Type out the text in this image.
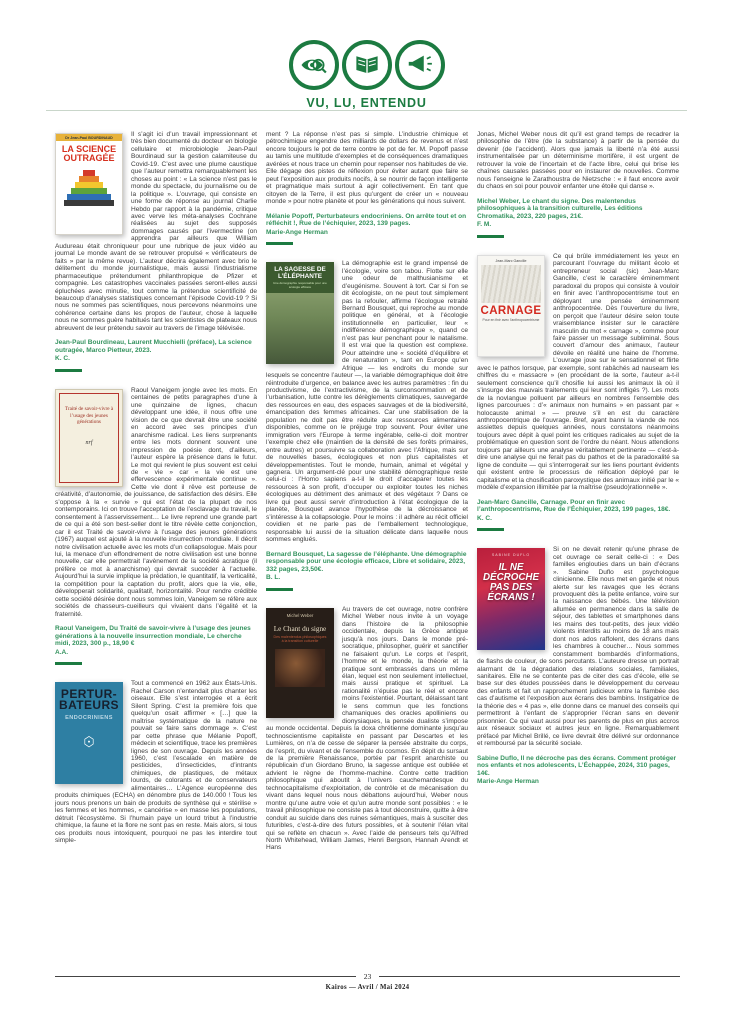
VU, LU, ENTENDU
Dr Jean-Paul BOURDINAUD
LA SCIENCE OUTRAGÉE

Il s’agit ici d’un travail impressionnant et très bien documenté du docteur en biologie cellulaire et microbiologie Jean-Paul Bourdinaud sur la gestion calamiteuse du Covid-19. C’est avec une plume caustique que l’auteur remettra remarquablement les choses au point : « La science n’est pas le monde du spectacle, du journalisme ou de la politique ». L’ouvrage, qui consiste en une forme de réponse au journal Charlie Hebdo par rapport à la pandémie, critique avec verve les méta-analyses Cochrane réalisées au sujet des supposés dommages causés par l’ivermectine (on apprendra par ailleurs que William Audureau était chroniqueur pour une rubrique de jeux vidéo au journal Le monde avant de se retrouver propulsé « vérificateurs de faits » par la même revue). L’auteur décrira également avec brio le délitement du monde journalistique, mais aussi l’industrialisme pharmaceutique prétendument philanthropique de Pfizer et compagnie. Les catastrophes vaccinales passées seront-elles aussi épluchées avec minutie, tout comme la prétendue scientificité de beaucoup d’analyses statistiques concernant l’épisode Covid-19 ? Si nous ne sommes pas scientifiques, nous percevons néanmoins une cohérence certaine dans les propos de l’auteur, chose à laquelle nous ne sommes guère habitués tant les scientistes de plateaux nous abreuvent de leur prétendu savoir au travers de l’image télévisée.

Jean-Paul Bourdineau, Laurent Mucchielli (préface), La science outragée, Marco Pietteur, 2023.

K. C.

Traité de savoir-vivre à l’usage des jeunes générations
nrf

Raoul Vaneigem jongle avec les mots. En centaines de petits paragraphes d’une à une quinzaine de lignes, chacun développant une idée, il nous offre une vision de ce que devrait être une société en accord avec ses principes d’un anarchisme radical. Les liens surprenants entre les mots donnent souvent une impression de poésie dont, d’ailleurs, l’auteur espère la présence dans le futur. Le mot qui revient le plus souvent est celui de « vie » car « la vie est une effervescence expérimentale continue ». Cette vie dont il rêve est porteuse de créativité, d’autonomie, de jouissance, de satisfaction des désirs. Elle s’oppose à la « survie » qui est l’état de la plupart de nos contemporains. Ici on trouve l’acceptation de l’esclavage du travail, le consentement à l’asservissement… Le livre reprend une grande part de ce qui a été son best-seller dont le titre révèle cette conjonction, car il est Traité de savoir-vivre à l’usage des jeunes générations (1967) auquel est ajouté à la nouvelle insurrection mondiale. Il décrit notre civilisation actuelle avec les mots d’un collapsologue. Mais pour lui, la menace d’un effondrement de notre civilisation est une bonne nouvelle, car elle permettrait l’avènement de la société acratique (il préfère ce mot à anarchisme) qui devrait succéder à l’actuelle. Aujourd’hui la survie implique la prédation, le quantitatif, la verticalité, la compétition pour la captation du profit, alors que la vie, elle, développerait solidarité, qualitatif, horizontalité. Pour rendre crédible cette société désirée dont nous sommes loin, Vaneigem se réfère aux sociétés de chasseurs-cueilleurs qui vivaient dans l’égalité et la fraternité.

Raoul Vaneigem, Du Traité de savoir-vivre à l’usage des jeunes générations à la nouvelle insurrection mondiale, Le cherche midi, 2023, 300 p., 18,90 €

A.A.

PERTUR-
BATEURS
ENDOCRINIENS

Tout a commencé en 1962 aux États-Unis. Rachel Carson n’entendait plus chanter les oiseaux. Elle s’est interrogée et a écrit Silent Spring. C’est la première fois que quelqu’un osait affirmer « […] que la maîtrise systématique de la nature ne pouvait se faire sans dommage ». C’est par cette phrase que Mélanie Popoff, médecin et scientifique, trace les premières lignes de son ouvrage. Depuis les années 1960, c’est l’escalade en matière de pesticides, d’insecticides, d’intrants chimiques, de plastiques, de métaux lourds, de colorants et de conservateurs alimentaires… L’Agence européenne des produits chimiques (ECHA) en dénombre plus de 140.000 ! Tous les jours nous prenons un bain de produits de synthèse qui « stérilise » les femmes et les hommes, « cancérise » en masse les populations, détruit l’écosystème. Si l’humain paye un lourd tribut à l’industrie chimique, la faune et la flore ne sont pas en reste. Mais alors, si tous ces produits nous intoxiquent, pourquoi ne pas les interdire tout simple-

ment ? La réponse n’est pas si simple. L’industrie chimique et pétrochimique engendre des milliards de dollars de revenus et n’est encore toujours le pot de terre contre le pot de fer. M. Popoff passe au tamis une multitude d’exemples et de conséquences dramatiques avérées et nous trace un chemin pour repenser nos habitudes de vie. Elle dégage des pistes de réflexion pour éviter autant que faire se peut l’exposition aux produits nocifs, à se nourrir de façon intelligente et pragmatique mais surtout à agir collectivement. En tant que citoyen de la Terre, il est plus qu’urgent de créer un « nouveau monde » pour notre planète et pour les générations qui nous suivent.

Mélanie Popoff, Perturbateurs endocriniens. On arrête tout et on réfléchit !, Rue de l’échiquier, 2023, 139 pages.

Marie-Ange Herman

LA SAGESSE DE L’ÉLÉPHANTE
Une démographie responsable pour une écologie efficace

La démographie est le grand impensé de l’écologie, voire son tabou. Flotte sur elle une odeur de malthusianisme et d’eugénisme. Souvent à tort. Car si l’on se dit écologiste, on ne peut tout simplement pas la refouler, affirme l’écologue retraité Bernard Bousquet, qui reproche au monde politique en général, et à l’écologie institutionnelle en particulier, leur « indifférence démographique », quand ce n’est pas leur penchant pour le natalisme. Il est vrai que la question est complexe. Pour atteindre une « société d’équilibre et de renaturation », tant en Europe qu’en Afrique — les endroits du monde sur lesquels se concentre l’auteur —, la variable démographique doit être réintroduite d’urgence, en balance avec les autres paramètres : fin du productivisme, de l’extractivisme, de la surconsommation et de l’urbanisation, lutte contre les dérèglements climatiques, sauvegarde des ressources en eau, des espaces sauvages et de la biodiversité, émancipation des femmes africaines. Car une stabilisation de la population ne doit pas être réduite aux ressources alimentaires disponibles, comme on le préjuge trop souvent. Pour éviter une immigration vers l’Europe à terme ingérable, celle-ci doit montrer l’exemple chez elle (maintien de la densité de ses forêts primaires, entre autres) et poursuivre sa collaboration avec l’Afrique, mais sur de nouvelles bases, écologiques et non plus capitalistes et développementistes. Tout le monde, humain, animal et végétal y gagnera. Un argument-clé pour une stabilité démographique reste celui-ci : l’Homo sapiens a-t-il le droit d’accaparer toutes les ressources à son profit, d’occuper ou exploiter toutes les niches écologiques au détriment des animaux et des végétaux ? Dans ce livre qui peut aussi servir d’introduction à l’état écologique de la planète, Bousquet avance l’hypothèse de la décroissance et s’intéresse à la collapsologie. Pour le moins : il adhère au récit officiel covidien et ne parle pas de l’emballement technologique, responsable lui aussi de la situation délicate dans laquelle nous sommes englués.

Bernard Bousquet, La sagesse de l’éléphante. Une démographie responsable pour une écologie efficace, Libre et solidaire, 2023, 332 pages, 23,50€.

B. L.

Michel Weber
Le Chant du signe
Des malentendus philosophiques à la transition culturelle

Au travers de cet ouvrage, notre confrère Michel Weber nous invite à un voyage dans l’histoire de la philosophie occidentale, depuis la Grèce antique jusqu’à nos jours. Dans le monde pré-socratique, philosopher, guérir et sanctifier ne faisaient qu’un. Le corps et l’esprit, l’homme et le monde, la théorie et la pratique sont embrassés dans un même élan, lequel est non seulement intellectuel, mais aussi pratique et spirituel. La rationalité n’épuise pas le réel et encore moins l’existentiel. Pourtant, délaissant tant le sens commun que les fonctions chamaniques des oracles apolliniens ou dionysiaques, la pensée dualiste s’impose au monde occidental. Depuis la doxa chrétienne dominante jusqu’au technoscientisme capitaliste en passant par Descartes et les Lumières, on n’a de cesse de séparer la pensée abstraite du corps, de l’esprit, du vivant et de l’ensemble du cosmos. En dépit du sursaut de la première Renaissance, portée par l’esprit anarchiste ou républicain d’un Giordano Bruno, la sagesse antique est oubliée et advient le règne de l’homme-machine. Contre cette tradition philosophique qui aboutit à l’univers cauchemardesque du technocapitalisme d’exploitation, de contrôle et de mécanisation du vivant dans lequel nous nous débattons aujourd’hui, Weber nous montre qu’une autre voie et qu’un autre monde sont possibles : « le travail philosophique ne consiste pas à tout déconstruire, quitte à être conduit au suicide dans des ruines sémantiques, mais à susciter des futuribles, c’est-à-dire des futurs possibles, et à soutenir l’élan vital qui se reflète en chacun ». Avec l’aide de penseurs tels qu’Alfred North Whitehead, William James, Henri Bergson, Hannah Arendt et Hans

Jonas, Michel Weber nous dit qu’il est grand temps de recadrer la philosophie de l’être (de la substance) à partir de la pensée du devenir (de l’accident). Alors que jamais la liberté n’a été aussi instrumentalisée par un déterminisme mortifère, il est urgent de retrouver la voie de l’incertain et de l’acte libre, celui qui brise les chaînes causales passées pour en instaurer de nouvelles. Comme nous l’enseigne le Zarathoustra de Nietzsche : « il faut encore avoir du chaos en soi pour pouvoir enfanter une étoile qui danse ».

Michel Weber, Le chant du signe. Des malentendus philosophiques à la transition culturelle, Les éditions Chromatika, 2023, 220 pages, 21€.

F. M.

Jean-Marc Gancille
CARNAGE
Pour en finir avec l’anthropocentrisme

Ce qui brûle immédiatement les yeux en parcourant l’ouvrage du militant écolo et entrepreneur social (sic) Jean-Marc Gancille, c’est le caractère éminemment paradoxal du propos qui consiste à vouloir en finir avec l’anthropocentrisme tout en déployant une pensée éminemment anthropocentrée. Dès l’ouverture du livre, on perçoit que l’auteur désire selon toute vraisemblance insister sur le caractère masculin du mot « carnage », comme pour faire passer un message subliminal. Sous couvert d’amour des animaux, l’auteur dévoile en réalité une haine de l’homme. L’ouvrage joue sur le sensationnel et flirte avec le pathos lorsque, par exemple, sont rabâchés ad nauseam les chiffres du « massacre » (en procédant de la sorte, l’auteur a-t-il seulement conscience qu’il chosifie lui aussi les animaux là où il s’insurge des mauvais traitements qui leur sont infligés ?). Les mots de la novlangue polluent par ailleurs en nombres l’ensemble des lignes parcourues : d’« animaux non humains » en passant par « holocauste animal » — preuve s’il en est du caractère anthropocentrique de l’ouvrage. Bref, ayant banni la viande de nos assiettes depuis quelques années, nous constatons néanmoins toujours avec dépit à quel point les critiques radicales au sujet de la problématique en question sont de l’ordre du néant. Nous attendions toujours par ailleurs une analyse véritablement pertinente — c’est-à-dire une analyse qui ne ferait pas du pathos et de la paradoxalité sa ligne de conduite — qui s’interrogerait sur les liens pourtant évidents qui existent entre le processus de réification déployé par le capitalisme et la chosification paroxystique des animaux initié par le « modèle d’expansion illimitée par la maîtrise (pseudo)rationnelle ».

Jean-Marc Gancille, Carnage. Pour en finir avec l’anthropocentrisme, Rue de l’Échiquier, 2023, 199 pages, 18€.

K. C.

SABINE DUFLO
IL NE DÉCROCHE PAS DES ÉCRANS !

Si on ne devait retenir qu’une phrase de cet ouvrage ce serait celle-ci : « Des familles englouties dans un bain d’écrans ». Sabine Duflo est psychologue clinicienne. Elle nous met en garde et nous alerte sur les ravages que les écrans provoquent dès la petite enfance, voire sur la naissance des bébés. Une télévision allumée en permanence dans la salle de séjour, des tablettes et smartphones dans les mains des tout-petits, des jeux vidéo violents interdits au moins de 18 ans mais dont nos ados raffolent, des écrans dans les chambres à coucher… Nous sommes constamment bombardés d’informations, de flashs de couleur, de sons percutants. L’auteure dresse un portrait alarmant de la dégradation des relations sociales, familiales, sanitaires. Elle ne se contente pas de citer des cas d’école, elle se base sur des études poussées dans le développement du cerveau des enfants et fait un rapprochement judicieux entre la flambée des cas d’autisme et l’exposition aux écrans des bambins. Instigatrice de la théorie des « 4 pas », elle donne dans ce manuel des conseils qui permettront à l’enfant de s’approprier l’écran sans en devenir prisonnier. Ce qui vaut aussi pour les parents de plus en plus accros aux réseaux sociaux et autres jeux en ligne. Remarquablement préfacé par Michel Brillé, ce livre devrait être délivré sur ordonnance et remboursé par la sécurité sociale.

Sabine Duflo, Il ne décroche pas des écrans. Comment protéger nos enfants et nos adolescents, L’Échappée, 2024, 310 pages, 14€.

Marie-Ange Herman

23
Kairos — Avril / Mai 2024
